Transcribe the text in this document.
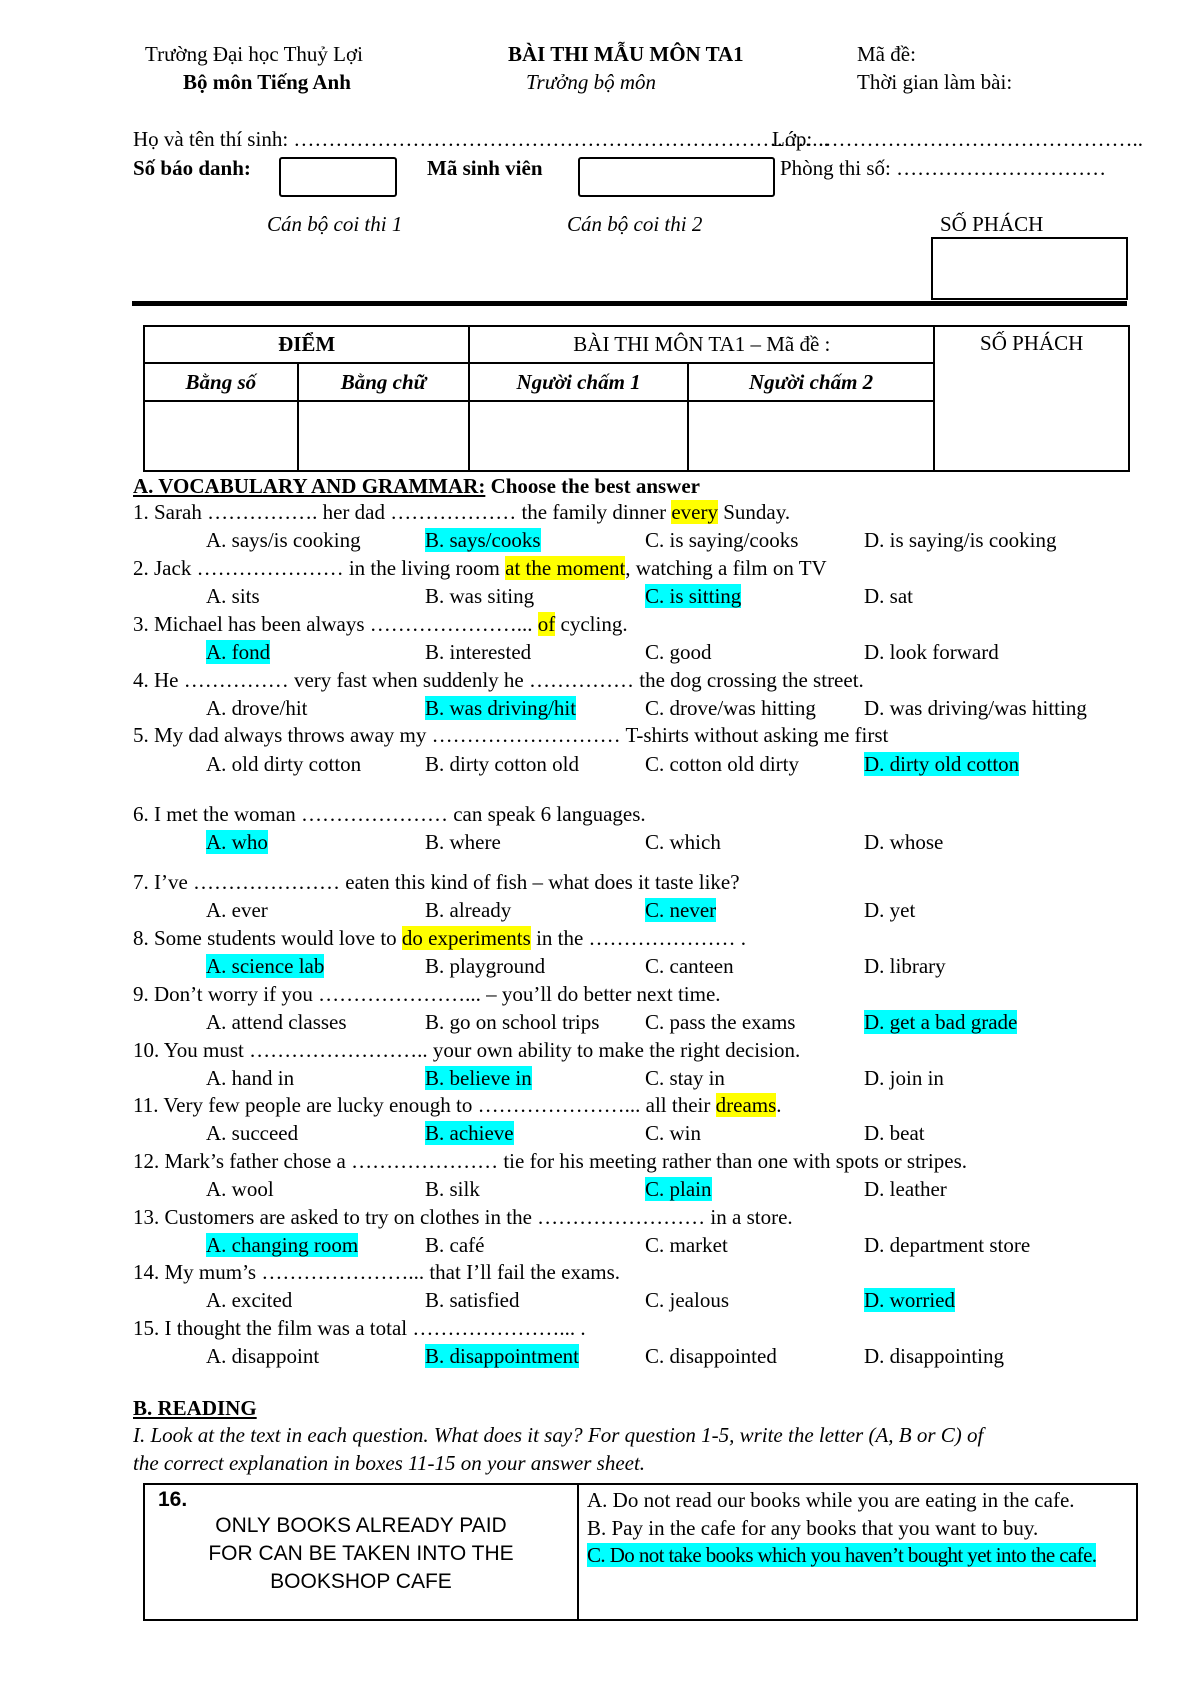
Trường Đại học Thuỷ Lợi
Bộ môn Tiếng Anh
BÀI THI MẪU MÔN TA1
Trưởng bộ môn
Mã đề:
Thời gian làm bài:
Họ và tên thí sinh: …………………………………………………………………..
Lớp: ………………………………………..
Số báo danh:	Mã sinh viên	Phòng thi số: …………………………
Cán bộ coi thi 1	Cán bộ coi thi 2	SỐ PHÁCH
ĐIỂM		BÀI THI MÔN TA1 – Mã đề :		SỐ PHÁCH
Bằng số	Bằng chữ	Người chấm 1	Người chấm 2	

A. VOCABULARY AND GRAMMAR: Choose the best answer
1. Sarah ……………. her dad ……………… the family dinner every Sunday.
A. says/is cooking	B. says/cooks	C. is saying/cooks	D. is saying/is cooking
2. Jack ………………… in the living room at the moment, watching a film on TV
A. sits	B. was siting	C. is sitting	D. sat
3. Michael has been always …………………... of cycling.
A. fond	B. interested	C. good	D. look forward
4. He …………… very fast when suddenly he …………… the dog crossing the street.
A. drove/hit	B. was driving/hit	C. drove/was hitting D. was driving/was hitting
5. My dad always throws away my ……………………… T-shirts without asking me first
A. old dirty cotton	B. dirty cotton old	C. cotton old dirty	D. dirty old cotton
6. I met the woman ………………… can speak 6 languages.
A. who	B. where	C. which	D. whose
7. I’ve ………………… eaten this kind of fish – what does it taste like?
A. ever	B. already	C. never	D. yet
8. Some students would love to do experiments in the ………………… .
A. science lab	B. playground	C. canteen	D. library
9. Don’t worry if you …………………... – you’ll do better next time.
A. attend classes	B. go on school trips C. pass the exams	D. get a bad grade
10. You must …………………….. your own ability to make the right decision.
A. hand in	B. believe in	C. stay in	D. join in
11. Very few people are lucky enough to …………………... all their dreams.
A. succeed	B. achieve	C. win	D. beat
12. Mark’s father chose a ………………… tie for his meeting rather than one with spots or stripes.
A. wool	B. silk	C. plain	D. leather
13. Customers are asked to try on clothes in the …………………… in a store.
A. changing room	B. café	C. market	D. department store
14. My mum’s …………………... that I’ll fail the exams.
A. excited	B. satisfied	C. jealous	D. worried
15. I thought the film was a total …………………... .
A. disappoint	B. disappointment	C. disappointed	D. disappointing
B. READING
I. Look at the text in each question. What does it say? For question 1-5, write the letter (A, B or C) of
the correct explanation in boxes 11-15 on your answer sheet.
16.
ONLY BOOKS ALREADY PAID
FOR CAN BE TAKEN INTO THE
BOOKSHOP CAFE

A. Do not read our books while you are eating in the cafe.
B. Pay in the cafe for any books that you want to buy.
C. Do not take books which you haven’t bought yet into the cafe.
